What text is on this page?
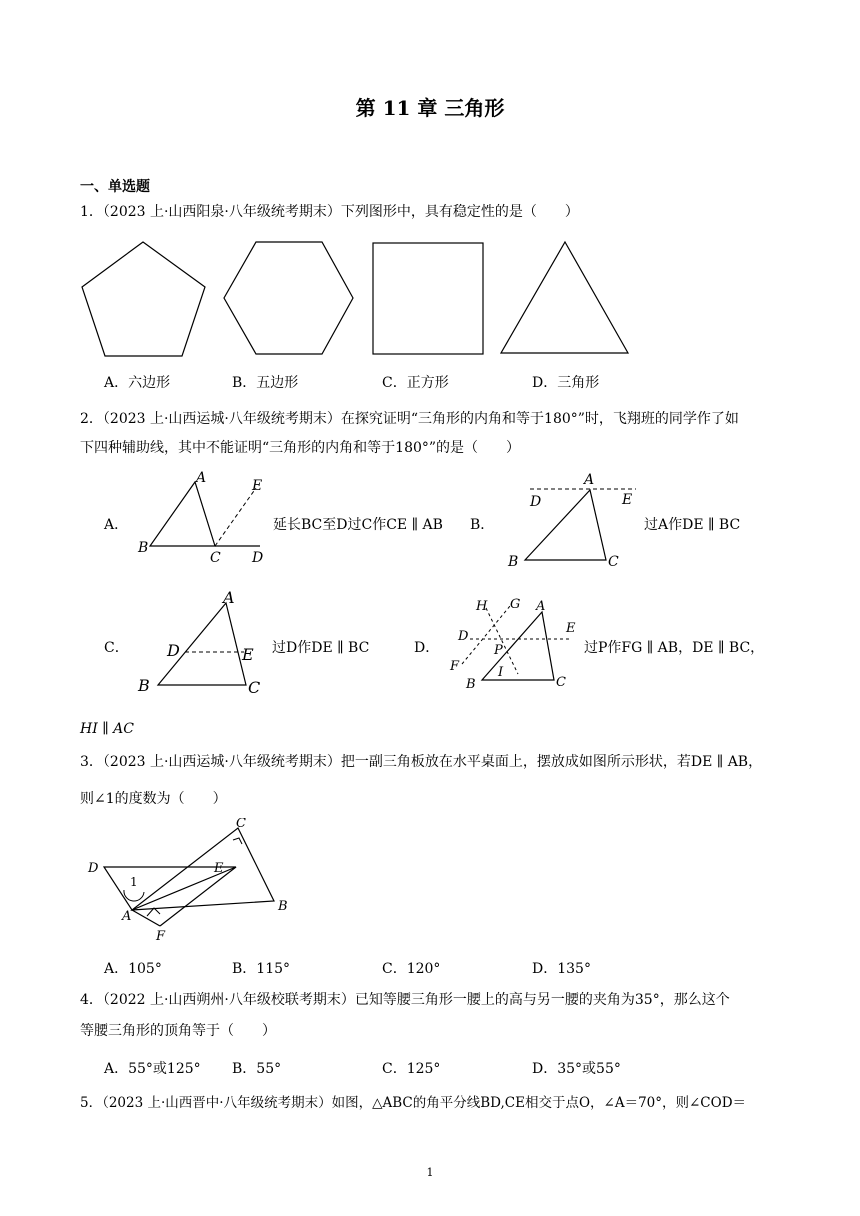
第 11 章 三角形
一、单选题
1．（2023 上·山西阳泉·八年级统考期末）下列图形中，具有稳定性的是（　　）
A．六边形	B．五边形	C．正方形	D．三角形
2．（2023 上·山西运城·八年级统考期末）在探究证明“三角形的内角和等于180°”时，飞翔班的同学作了如
下四种辅助线，其中不能证明“三角形的内角和等于180°”的是（　　）
A．
A
B
C D
E
延长BC至D过C作CE ∥ AB B．
A
B	C
D	E
过A作DE ∥ BC
C．
A
B	C
D	E 过D作DE ∥ BC	D．
H G A
D
E
P
F	I
B	C
过P作FG ∥ AB，DE ∥ BC，
HI ∥ AC
3．（2023 上·山西运城·八年级统考期末）把一副三角板放在水平桌面上，摆放成如图所示形状，若DE ∥ AB，
则∠1的度数为（　　）
C
D	E
1
A
B
F
A．105°	B．115°	C．120°	D．135°
4．（2022 上·山西朔州·八年级校联考期末）已知等腰三角形一腰上的高与另一腰的夹角为35°，那么这个
等腰三角形的顶角等于（　　）
A．55°或125° B．55°	C．125°	D．35°或55°
5．（2023 上·山西晋中·八年级统考期末）如图，△ABC的角平分线BD,CE相交于点O，∠A＝70°，则∠COD＝
1
